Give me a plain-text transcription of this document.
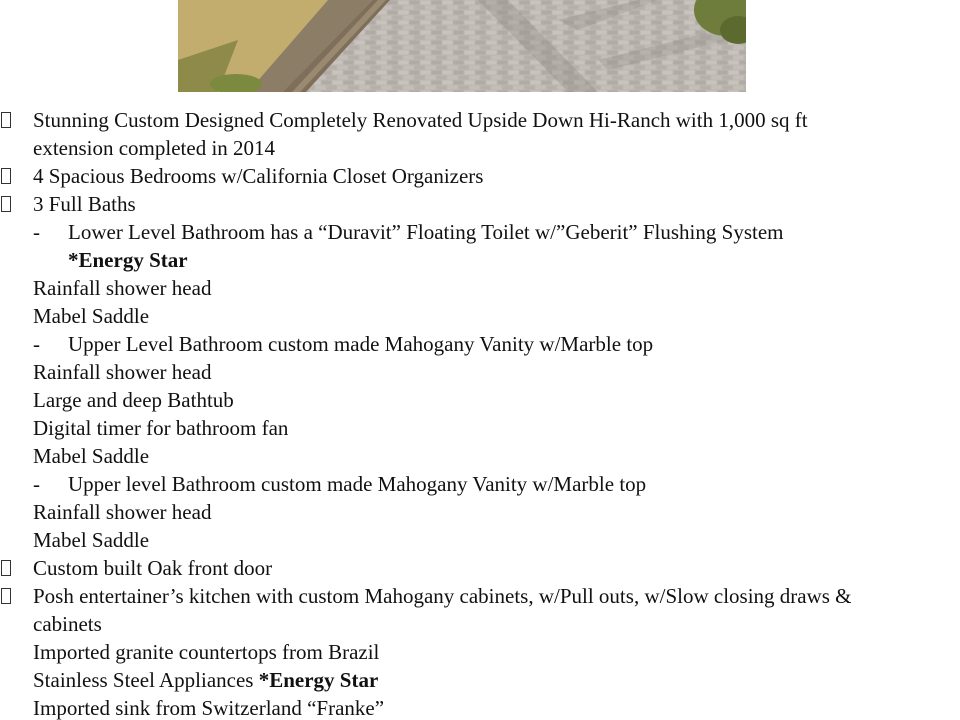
Stunning Custom Designed Completely Renovated Upside Down Hi-Ranch with 1,000 sq ft
extension completed in 2014
4 Spacious Bedrooms w/California Closet Organizers
3 Full Baths
- Lower Level Bathroom has a “Duravit” Floating Toilet w/”Geberit” Flushing System
*Energy Star
Rainfall shower head
Mabel Saddle
- Upper Level Bathroom custom made Mahogany Vanity w/Marble top
Rainfall shower head
Large and deep Bathtub
Digital timer for bathroom fan
Mabel Saddle
- Upper level Bathroom custom made Mahogany Vanity w/Marble top
Rainfall shower head
Mabel Saddle
Custom built Oak front door
Posh entertainer’s kitchen with custom Mahogany cabinets, w/Pull outs, w/Slow closing draws &
cabinets
Imported granite countertops from Brazil
Stainless Steel Appliances *Energy Star
Imported sink from Switzerland “Franke”
